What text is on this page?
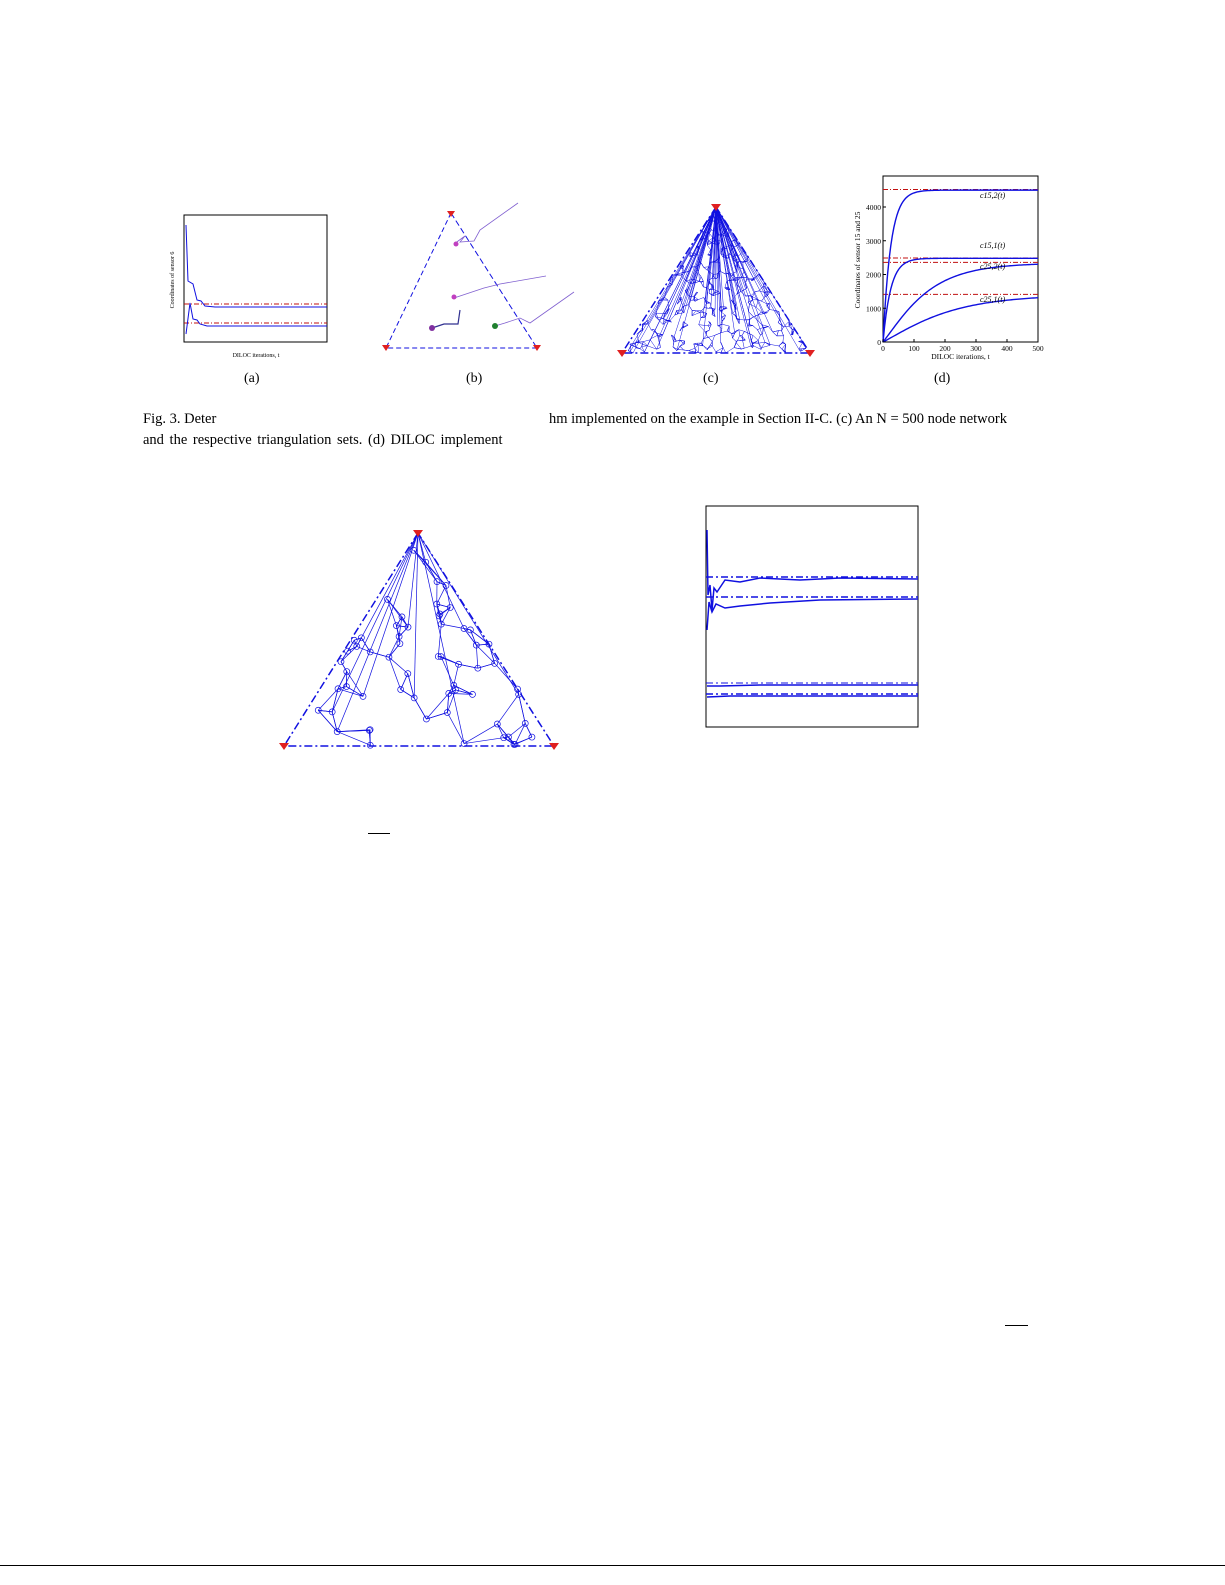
Coordinates of sensor 6
DILOC iterations, t
c15,2(t)
c15,1(t)
c25,2(t)
c25,1(t)
0	100	200	300	400	500
0
1000
2000
3000
4000
DILOC iterations, t
Coordinates of sensor 15 and 25
(a)	(b)	(c)	(d)
Fig. 3. Deter	hm implemented on the example in Section II-C. (c) An N = 500 node network
and the respective triangulation sets. (d) DILOC implement
